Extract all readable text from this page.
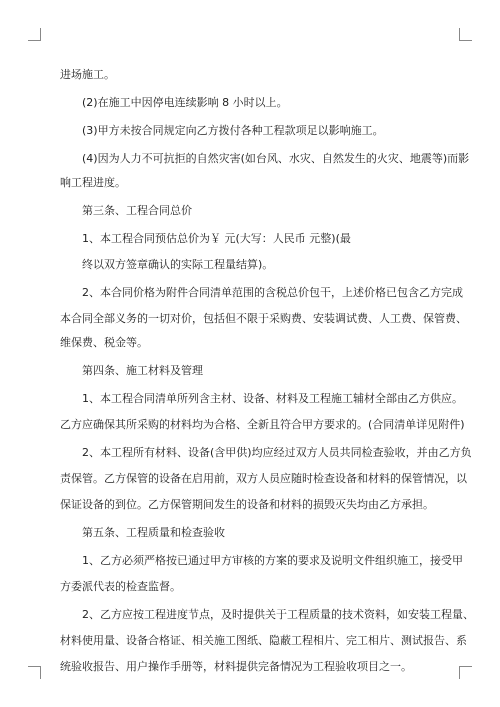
进场施工。
(2)在施工中因停电连续影响 8 小时以上。
(3)甲方未按合同规定向乙方拨付各种工程款项足以影响施工。
(4)因为人力不可抗拒的自然灾害(如台风、水灾、自然发生的火灾、地震等)而影
响工程进度。
第三条、工程合同总价
1、本工程合同预估总价为￥ 元(大写：人民币 元整)(最
终以双方签章确认的实际工程量结算)。
2、本合同价格为附件合同清单范围的含税总价包干，上述价格已包含乙方完成
本合同全部义务的一切对价，包括但不限于采购费、安装调试费、人工费、保管费、
维保费、税金等。
第四条、施工材料及管理
1、本工程合同清单所列含主材、设备、材料及工程施工辅材全部由乙方供应。
乙方应确保其所采购的材料均为合格、全新且符合甲方要求的。(合同清单详见附件)
2、本工程所有材料、设备(含甲供)均应经过双方人员共同检查验收，并由乙方负
责保管。乙方保管的设备在启用前，双方人员应随时检查设备和材料的保管情况，以
保证设备的到位。乙方保管期间发生的设备和材料的损毁灭失均由乙方承担。
第五条、工程质量和检查验收
1、乙方必须严格按已通过甲方审核的方案的要求及说明文件组织施工，接受甲
方委派代表的检查监督。
2、乙方应按工程进度节点，及时提供关于工程质量的技术资料，如安装工程量、
材料使用量、设备合格证、相关施工图纸、隐蔽工程相片、完工相片、测试报告、系
统验收报告、用户操作手册等，材料提供完备情况为工程验收项目之一。
